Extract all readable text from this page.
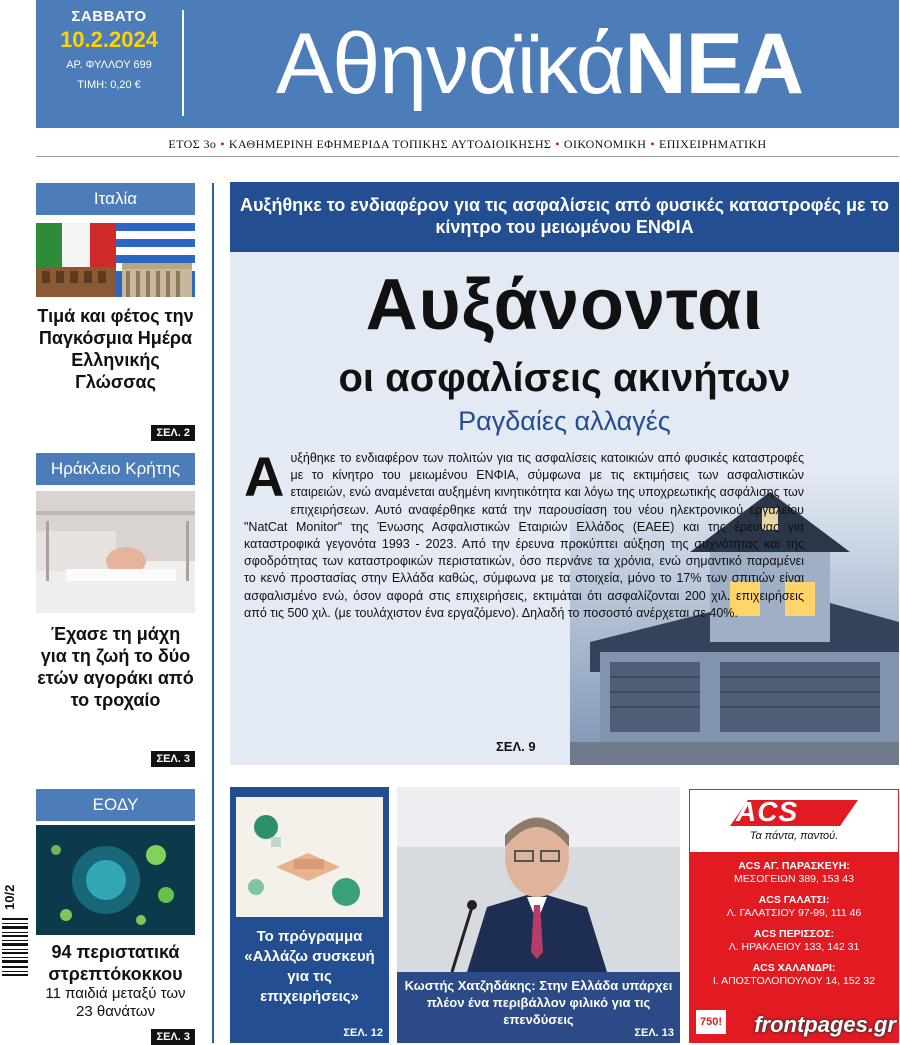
ΣΑΒΒΑΤΟ
10.2.2024
ΑΡ. ΦΥΛΛΟΥ 699
ΤΙΜΗ: 0,20 €	ΑθηναϊκάΝΕΑ
ΕΤΟΣ 3ο • ΚΑΘΗΜΕΡΙΝΗ ΕΦΗΜΕΡΙΔΑ ΤΟΠΙΚΗΣ ΑΥΤΟΔΙΟΙΚΗΣΗΣ • ΟΙΚΟΝΟΜΙΚΗ • ΕΠΙΧΕΙΡΗΜΑΤΙΚΗ
Ιταλία
Τιμά και φέτος την Παγκόσμια Ημέρα Ελληνικής Γλώσσας
ΣΕΛ. 2
Ηράκλειο Κρήτης
Έχασε τη μάχη για τη ζωή το δύο ετών αγοράκι από το τροχαίο
ΣΕΛ. 3
ΕΟΔΥ
94 περιστατικά στρεπτόκοκκου
11 παιδιά μεταξύ των 23 θανάτων
ΣΕΛ. 3
Αυξήθηκε το ενδιαφέρον για τις ασφαλίσεις από φυσικές καταστροφές με το κίνητρο του μειωμένου ΕΝΦΙΑ
Αυξάνονται
οι ασφαλίσεις ακινήτων
Ραγδαίες αλλαγές
Αυξήθηκε το ενδιαφέρον των πολιτών για τις ασφαλίσεις κατοικιών από φυσικές καταστροφές με το κίνητρο του μειωμένου ΕΝΦΙΑ, σύμφωνα με τις εκτιμήσεις των ασφαλιστικών εταιρειών, ενώ αναμένεται αυξημένη κινητικότητα και λόγω της υποχρεωτικής ασφάλισης των επιχειρήσεων. Αυτό αναφέρθηκε κατά την παρουσίαση του νέου ηλεκτρονικού εργαλείου "NatCat Monitor" της Ένωσης Ασφαλιστικών Εταιριών Ελλάδος (ΕΑΕΕ) και της έρευνας για καταστροφικά γεγονότα 1993 - 2023. Από την έρευνα προκύπτει αύξηση της συχνότητας και της σφοδρότητας των καταστροφικών περιστατικών, όσο περνάνε τα χρόνια, ενώ σημαντικό παραμένει το κενό προστασίας στην Ελλάδα καθώς, σύμφωνα με τα στοιχεία, μόνο το 17% των σπιτιών είναι ασφαλισμένο ενώ, όσον αφορά στις επιχειρήσεις, εκτιμάται ότι ασφαλίζονται 200 χιλ. επιχειρήσεις από τις 500 χιλ. (με τουλάχιστον ένα εργαζόμενο). Δηλαδή το ποσοστό ανέρχεται σε 40%.
ΣΕΛ. 9
Το πρόγραμμα «Αλλάζω συσκευή για τις επιχειρήσεις»
ΣΕΛ. 12
Κωστής Χατζηδάκης: Στην Ελλάδα υπάρχει πλέον ένα περιβάλλον φιλικό για τις επενδύσεις
ΣΕΛ. 13
ACS
Τα πάντα, παντού.
ACS ΑΓ. ΠΑΡΑΣΚΕΥΗ:
ΜΕΣΟΓΕΙΩΝ 389, 153 43
ACS ΓΑΛΑΤΣΙ:
Λ. ΓΑΛΑΤΣΙΟΥ 97-99, 111 46
ACS ΠΕΡΙΣΣΟΣ:
Λ. ΗΡΑΚΛΕΙΟΥ 133, 142 31
ACS ΧΑΛΑΝΔΡΙ:
Ι. ΑΠΟΣΤΟΛΟΠΟΥΛΟΥ 14, 152 32
750!
10/2
frontpages.gr
